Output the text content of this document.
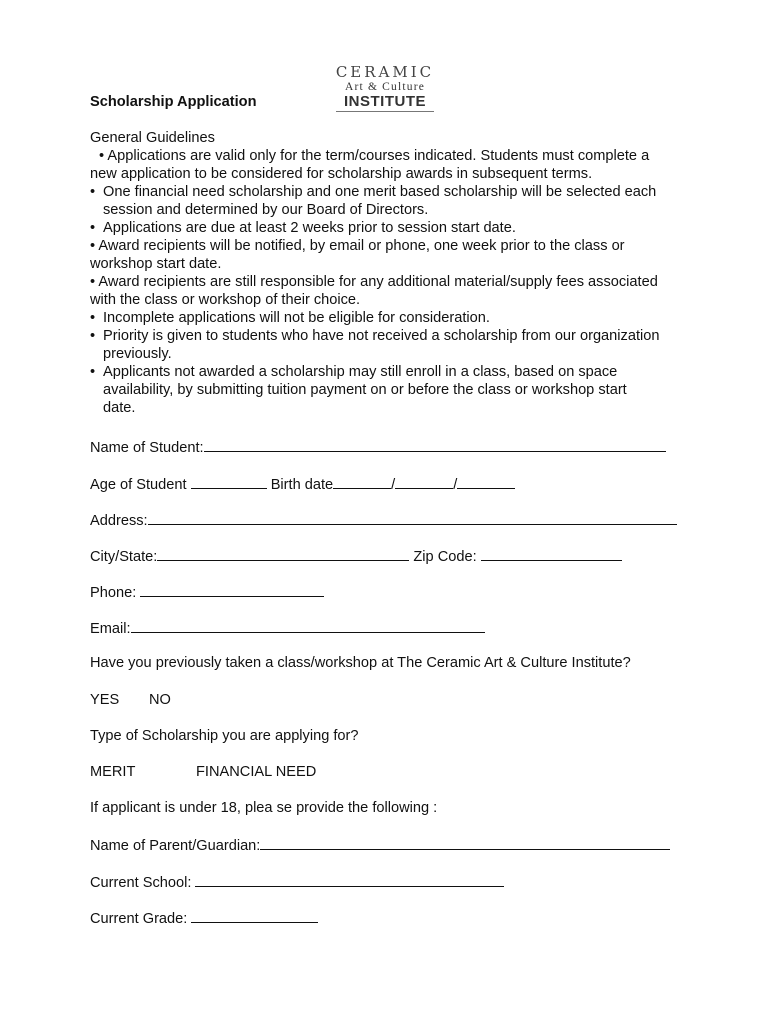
CERAMIC
Art & Culture
INSTITUTE
Scholarship Application

General Guidelines

• Applications are valid only for the term/courses indicated. Students must complete a

new application to be considered for scholarship awards in subsequent terms.

• One financial need scholarship and one merit based scholarship will be selected each

session and determined by our Board of Directors.

• Applications are due at least 2 weeks prior to session start date.

• Award recipients will be notified, by email or phone, one week prior to the class or

workshop start date.

• Award recipients are still responsible for any additional material/supply fees associated

with the class or workshop of their choice.

• Incomplete applications will not be eligible for consideration.

• Priority is given to students who have not received a scholarship from our organization

previously.

• Applicants not awarded a scholarship may still enroll in a class, based on space

availability, by submitting tuition payment on or before the class or workshop start

date.

Name of Student:
Age of Student	Birth date	/	/
Address:
City/State:	Zip Code:
Phone:
Email:
Have you previously taken a class/workshop at The Ceramic Art & Culture Institute?
YES NO
Type of Scholarship you are applying for?
MERIT	FINANCIAL NEED
If applicant is under 18, plea se provide the following :
Name of Parent/Guardian:
Current School:
Current Grade:
